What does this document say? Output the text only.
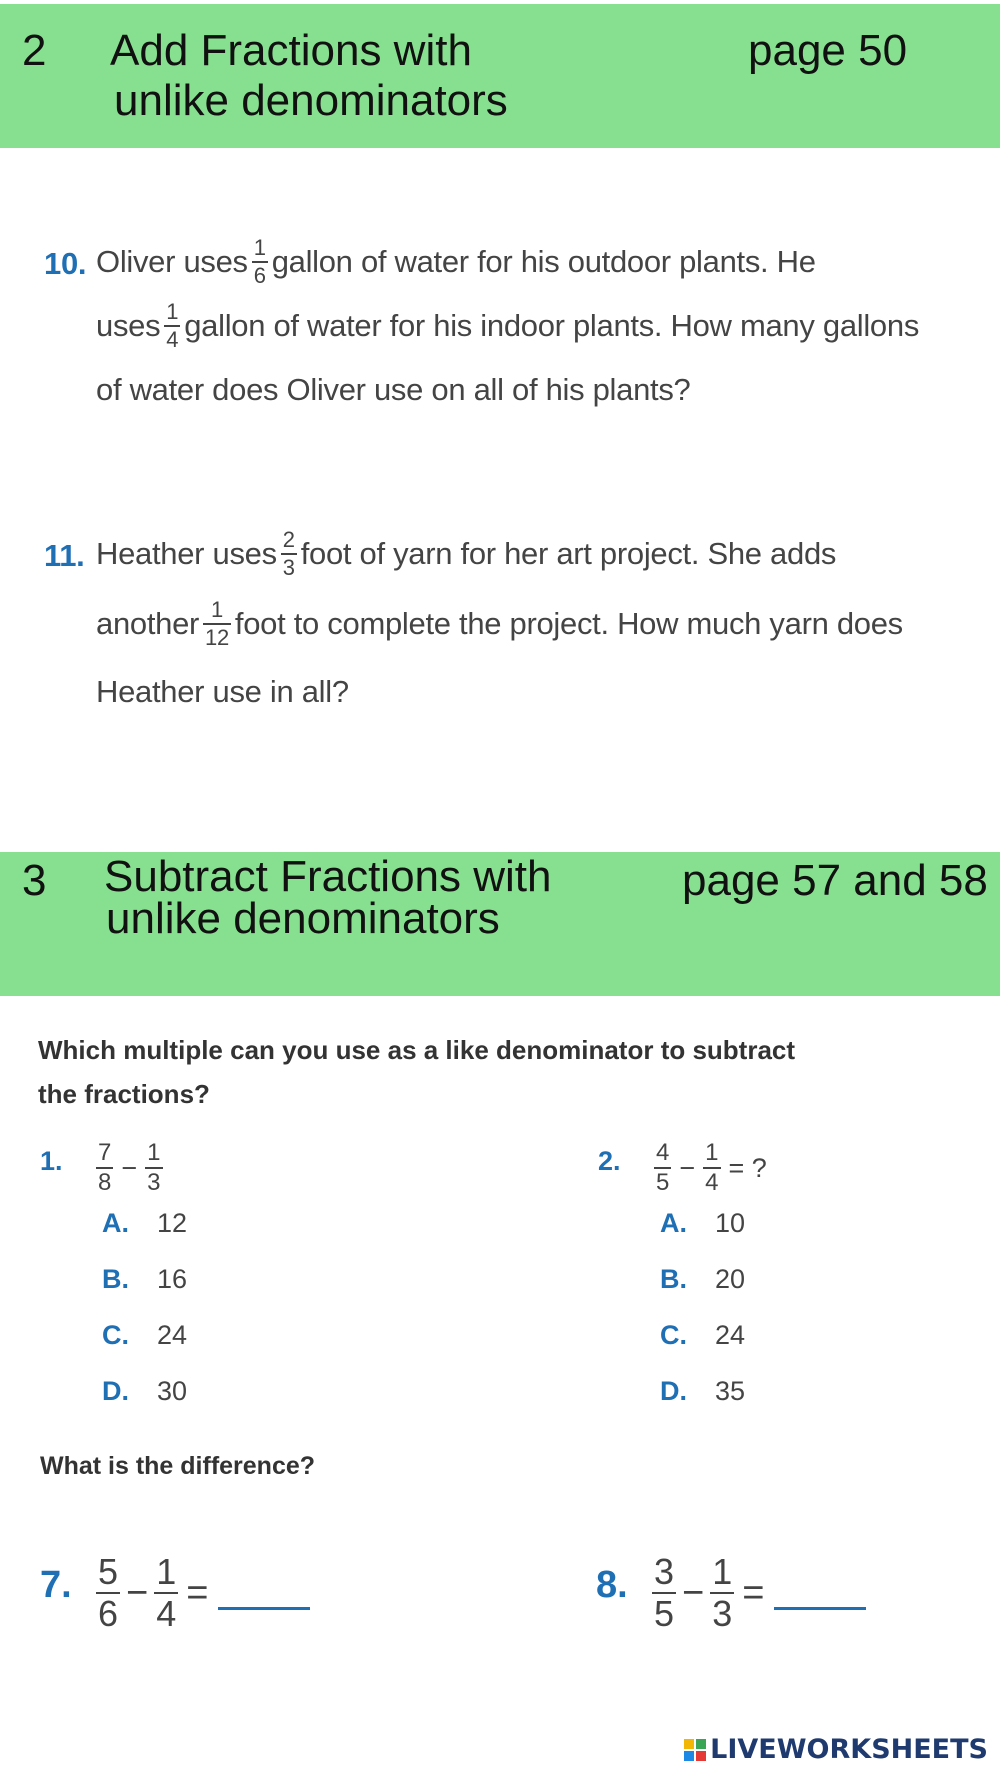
2 Add Fractions with
unlike denominators
page 50
10. Oliver uses $\frac{1}{6}$ gallon of water for his outdoor plants. He
uses $\frac{1}{4}$ gallon of water for his indoor plants. How many gallons
of water does Oliver use on all of his plants?
11. Heather uses $\frac{2}{3}$ foot of yarn for her art project. She adds
another $\frac{1}{12}$ foot to complete the project. How much yarn does
Heather use in all?
3 Subtract Fractions with
unlike denominators
page 57 and 58
Which multiple can you use as a like denominator to subtract
the fractions?
1. $\frac{7}{8} - \frac{1}{3}$
A. 12
B. 16
C. 24
D. 30
2. $\frac{4}{5} - \frac{1}{4}$ = ?
A. 10
B. 20
C. 24
D. 35
What is the difference?
7. $\frac{5}{6} - \frac{1}{4}$ =	8. $\frac{3}{5} - \frac{1}{3}$ =
LIVEWORKSHEETS
